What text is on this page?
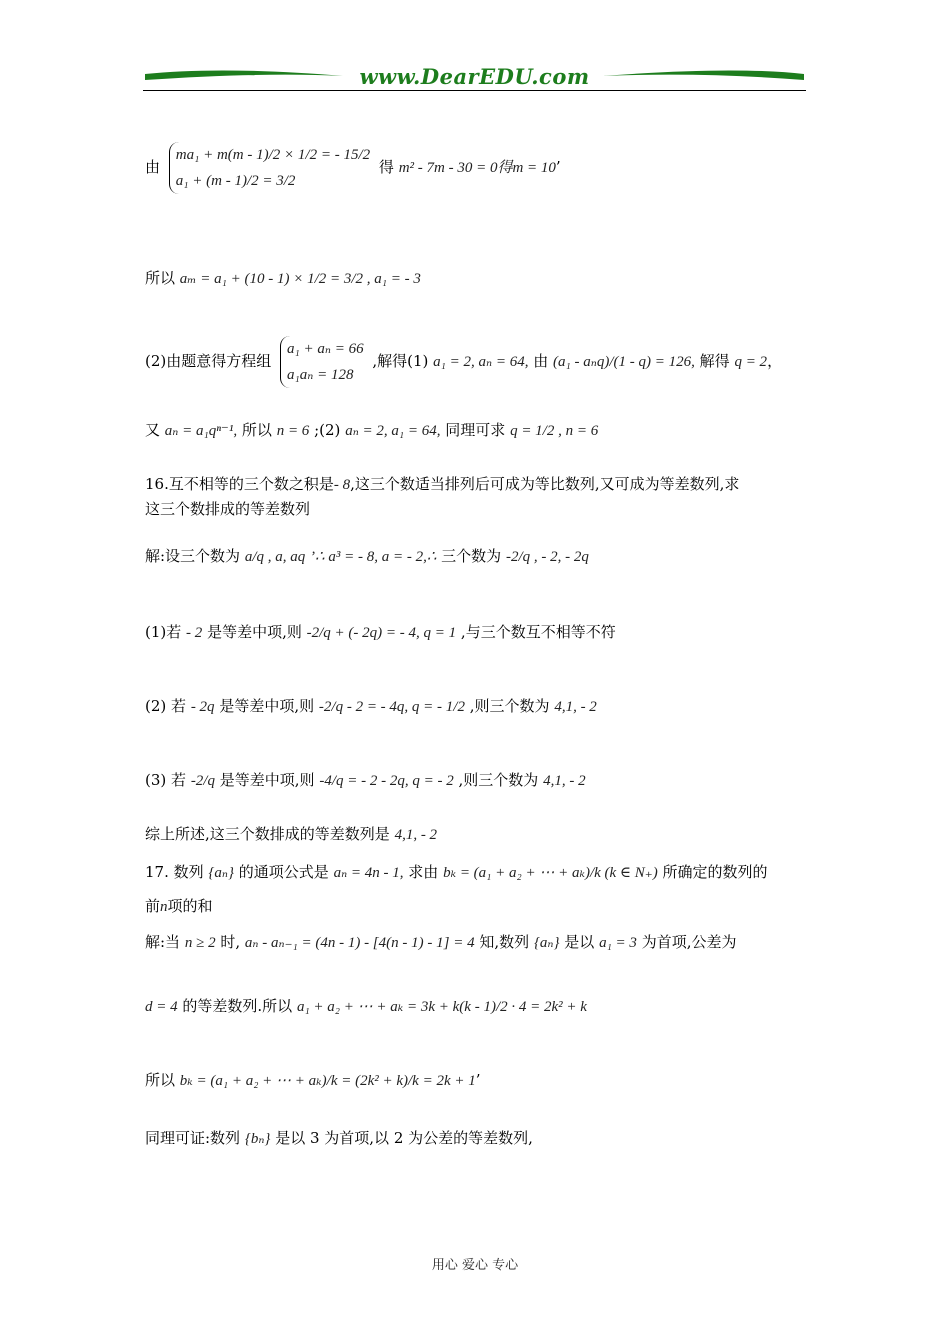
www.DearEDU.com
由
ma₁ + m(m - 1)/2 × 1/2 = - 15/2
a₁ + (m - 1)/2 = 3/2
得 m² - 7m - 30 = 0得m = 10’
所以 aₘ = a₁ + (10 - 1) × 1/2 = 3/2 , a₁ = - 3
(2)由题意得方程组
a₁ + aₙ = 66
a₁aₙ = 128
,解得(1) a₁ = 2, aₙ = 64, 由 (a₁ - aₙq)/(1 - q) = 126, 解得 q = 2，
又 aₙ = a₁qⁿ⁻¹, 所以 n = 6 ;(2) aₙ = 2, a₁ = 64, 同理可求 q = 1/2 , n = 6
16.互不相等的三个数之积是- 8,这三个数适当排列后可成为等比数列,又可成为等差数列,求
这三个数排成的等差数列
解:设三个数为 a/q , a, aq ’∴ a³ = - 8, a = - 2,∴ 三个数为 -2/q , - 2, - 2q
(1)若 - 2 是等差中项,则 -2/q + (- 2q) = - 4, q = 1 ,与三个数互不相等不符
(2) 若 - 2q 是等差中项,则 -2/q - 2 = - 4q, q = - 1/2 ,则三个数为 4,1, - 2
(3) 若 -2/q 是等差中项,则 -4/q = - 2 - 2q, q = - 2 ,则三个数为 4,1, - 2
综上所述,这三个数排成的等差数列是 4,1, - 2
17. 数列 {aₙ} 的通项公式是 aₙ = 4n - 1, 求由 bₖ = (a₁ + a₂ + ⋯ + aₖ)/k (k ∈ N₊) 所确定的数列的
前n项的和
解:当 n ≥ 2 时, aₙ - aₙ₋₁ = (4n - 1) - [4(n - 1) - 1] = 4 知,数列 {aₙ} 是以 a₁ = 3 为首项,公差为
d = 4 的等差数列.所以 a₁ + a₂ + ⋯ + aₖ = 3k + k(k - 1)/2 · 4 = 2k² + k
所以 bₖ = (a₁ + a₂ + ⋯ + aₖ)/k = (2k² + k)/k = 2k + 1’
同理可证:数列 {bₙ} 是以 3 为首项,以 2 为公差的等差数列,
用心 爱心 专心
